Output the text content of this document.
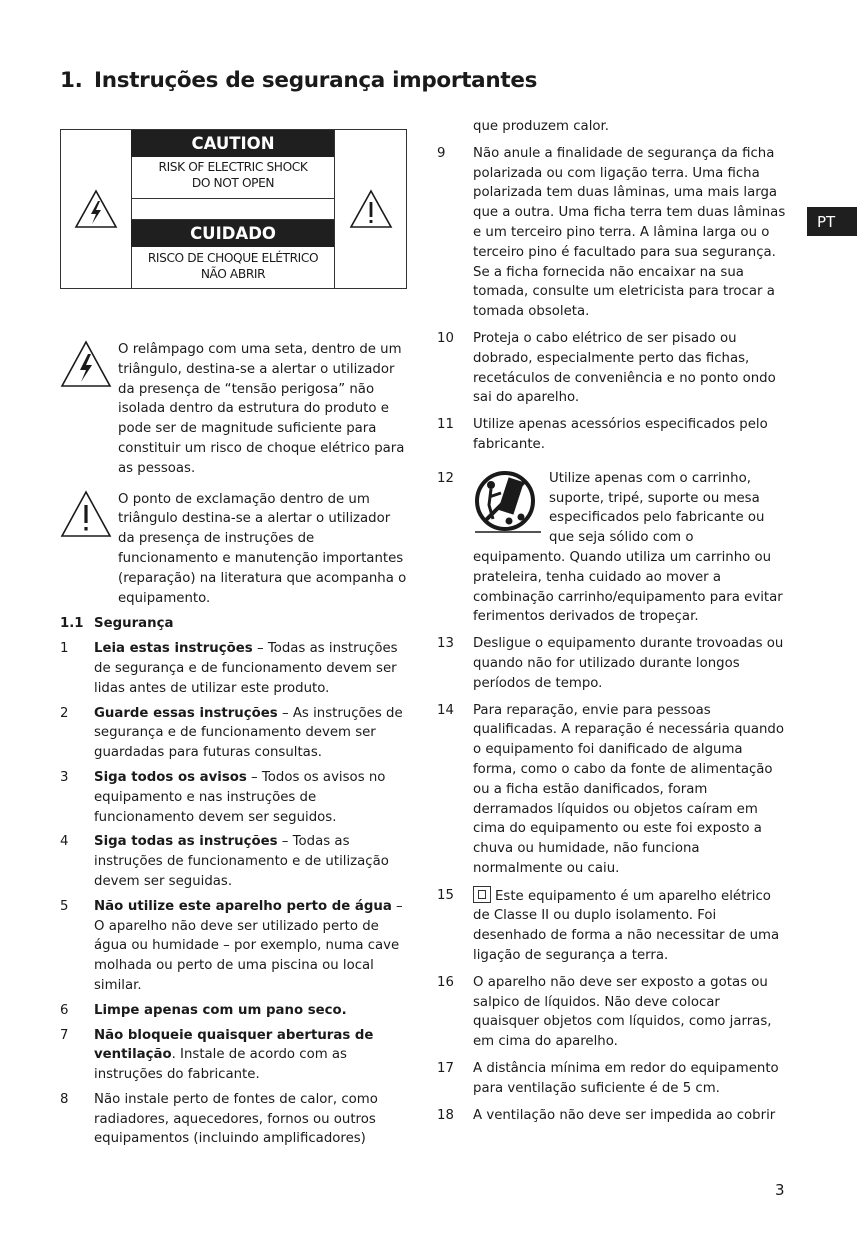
1. Instruções de segurança importantes
PT
CAUTION
RISK OF ELECTRIC SHOCK
DO NOT OPEN
CUIDADO
RISCO DE CHOQUE ELÉTRICO
NÃO ABRIR

O relâmpago com uma seta, dentro de um triângulo, destina-se a alertar o utilizador da presença de “tensão perigosa” não isolada dentro da estrutura do produto e pode ser de magnitude suficiente para constituir um risco de choque elétrico para as pessoas.

O ponto de exclamação dentro de um triângulo destina-se a alertar o utilizador da presença de instruções de funcionamento e manutenção importantes (reparação) na literatura que acompanha o equipamento.

1.1 Segurança
1 Leia estas instruções – Todas as instruções de segurança e de funcionamento devem ser lidas antes de utilizar este produto.
2 Guarde essas instruções – As instruções de segurança e de funcionamento devem ser guardadas para futuras consultas.
3 Siga todos os avisos – Todos os avisos no equipamento e nas instruções de funcionamento devem ser seguidos.
4 Siga todas as instruções – Todas as instruções de funcionamento e de utilização devem ser seguidas.
5 Não utilize este aparelho perto de água – O aparelho não deve ser utilizado perto de água ou humidade – por exemplo, numa cave molhada ou perto de uma piscina ou local similar.
6 Limpe apenas com um pano seco.
7 Não bloqueie quaisquer aberturas de ventilação. Instale de acordo com as instruções do fabricante.
8 Não instale perto de fontes de calor, como radiadores, aquecedores, fornos ou outros equipamentos (incluindo amplificadores)

que produzem calor.

9 Não anule a finalidade de segurança da ficha polarizada ou com ligação terra. Uma ficha polarizada tem duas lâminas, uma mais larga que a outra. Uma ficha terra tem duas lâminas e um terceiro pino terra. A lâmina larga ou o terceiro pino é facultado para sua segurança. Se a ficha fornecida não encaixar na sua tomada, consulte um eletricista para trocar a tomada obsoleta.
10 Proteja o cabo elétrico de ser pisado ou dobrado, especialmente perto das fichas, recetáculos de conveniência e no ponto ondo sai do aparelho.
11 Utilize apenas acessórios especificados pelo fabricante.
12	Utilize apenas com o carrinho, suporte, tripé, suporte ou mesa especificados pelo fabricante ou que seja sólido com o equipamento. Quando utiliza um carrinho ou prateleira, tenha cuidado ao mover a combinação carrinho/equipamento para evitar ferimentos derivados de tropeçar.
13 Desligue o equipamento durante trovoadas ou quando não for utilizado durante longos períodos de tempo.
14 Para reparação, envie para pessoas qualificadas. A reparação é necessária quando o equipamento foi danificado de alguma forma, como o cabo da fonte de alimentação ou a ficha estão danificados, foram derramados líquidos ou objetos caíram em cima do equipamento ou este foi exposto a chuva ou humidade, não funciona normalmente ou caiu.
15	Este equipamento é um aparelho elétrico de Classe II ou duplo isolamento. Foi desenhado de forma a não necessitar de uma ligação de segurança a terra.
16 O aparelho não deve ser exposto a gotas ou salpico de líquidos. Não deve colocar quaisquer objetos com líquidos, como jarras, em cima do aparelho.
17 A distância mínima em redor do equipamento para ventilação suficiente é de 5 cm.
18 A ventilação não deve ser impedida ao cobrir
3
